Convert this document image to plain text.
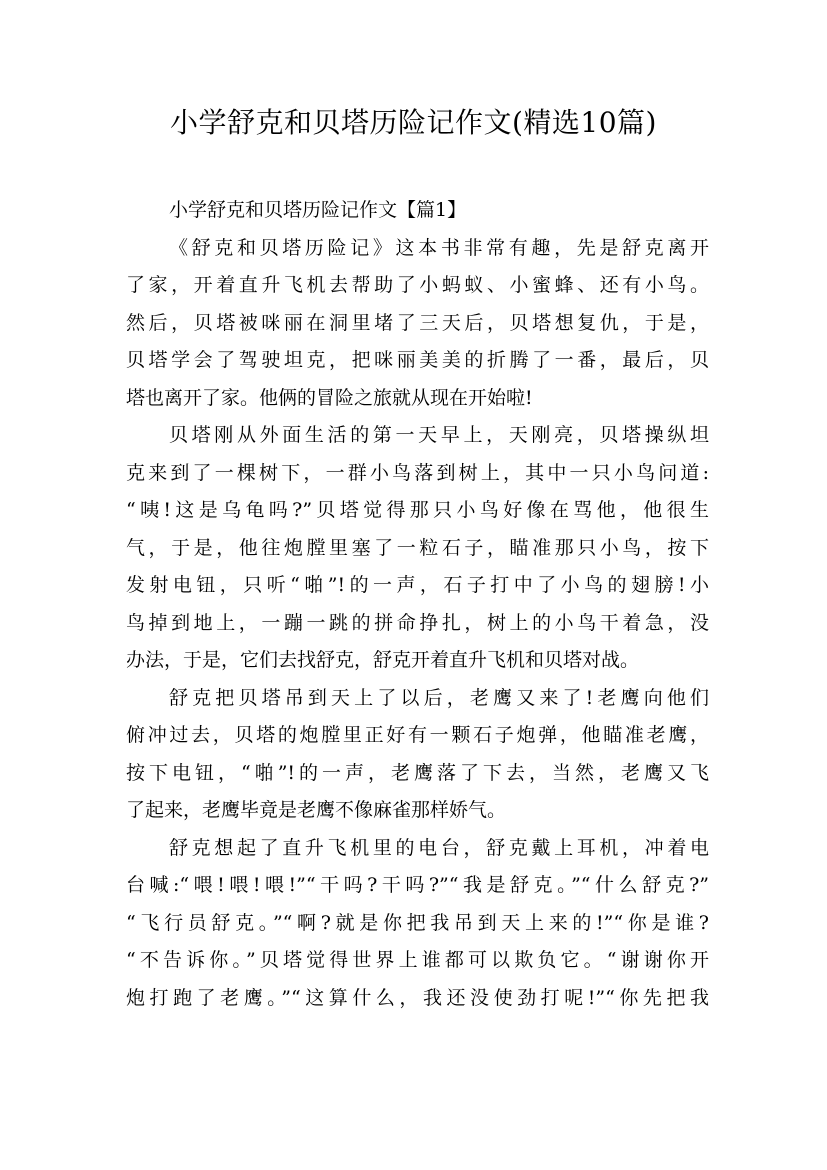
小学舒克和贝塔历险记作文(精选10篇)

小学舒克和贝塔历险记作文【篇1】

《舒克和贝塔历险记》这本书非常有趣，先是舒克离开
了家，开着直升飞机去帮助了小蚂蚁、小蜜蜂、还有小鸟。
然后，贝塔被咪丽在洞里堵了三天后，贝塔想复仇，于是，
贝塔学会了驾驶坦克，把咪丽美美的折腾了一番，最后，贝
塔也离开了家。他俩的冒险之旅就从现在开始啦!

贝塔刚从外面生活的第一天早上，天刚亮，贝塔操纵坦
克来到了一棵树下，一群小鸟落到树上，其中一只小鸟问道:
“咦!这是乌龟吗?”贝塔觉得那只小鸟好像在骂他，他很生
气，于是，他往炮膛里塞了一粒石子，瞄准那只小鸟，按下
发射电钮，只听“啪”!的一声，石子打中了小鸟的翅膀!小
鸟掉到地上，一蹦一跳的拼命挣扎，树上的小鸟干着急，没
办法，于是，它们去找舒克，舒克开着直升飞机和贝塔对战。

舒克把贝塔吊到天上了以后，老鹰又来了!老鹰向他们
俯冲过去，贝塔的炮膛里正好有一颗石子炮弹，他瞄准老鹰，
按下电钮，“啪”!的一声，老鹰落了下去，当然，老鹰又飞
了起来，老鹰毕竟是老鹰不像麻雀那样娇气。

舒克想起了直升飞机里的电台，舒克戴上耳机，冲着电
台喊:“喂!喂!喂!”“干吗?干吗?”“我是舒克。”“什么舒克?”
“飞行员舒克。”“啊?就是你把我吊到天上来的!”“你是谁?
“不告诉你。”贝塔觉得世界上谁都可以欺负它。“谢谢你开
炮打跑了老鹰。”“这算什么，我还没使劲打呢!”“你先把我
